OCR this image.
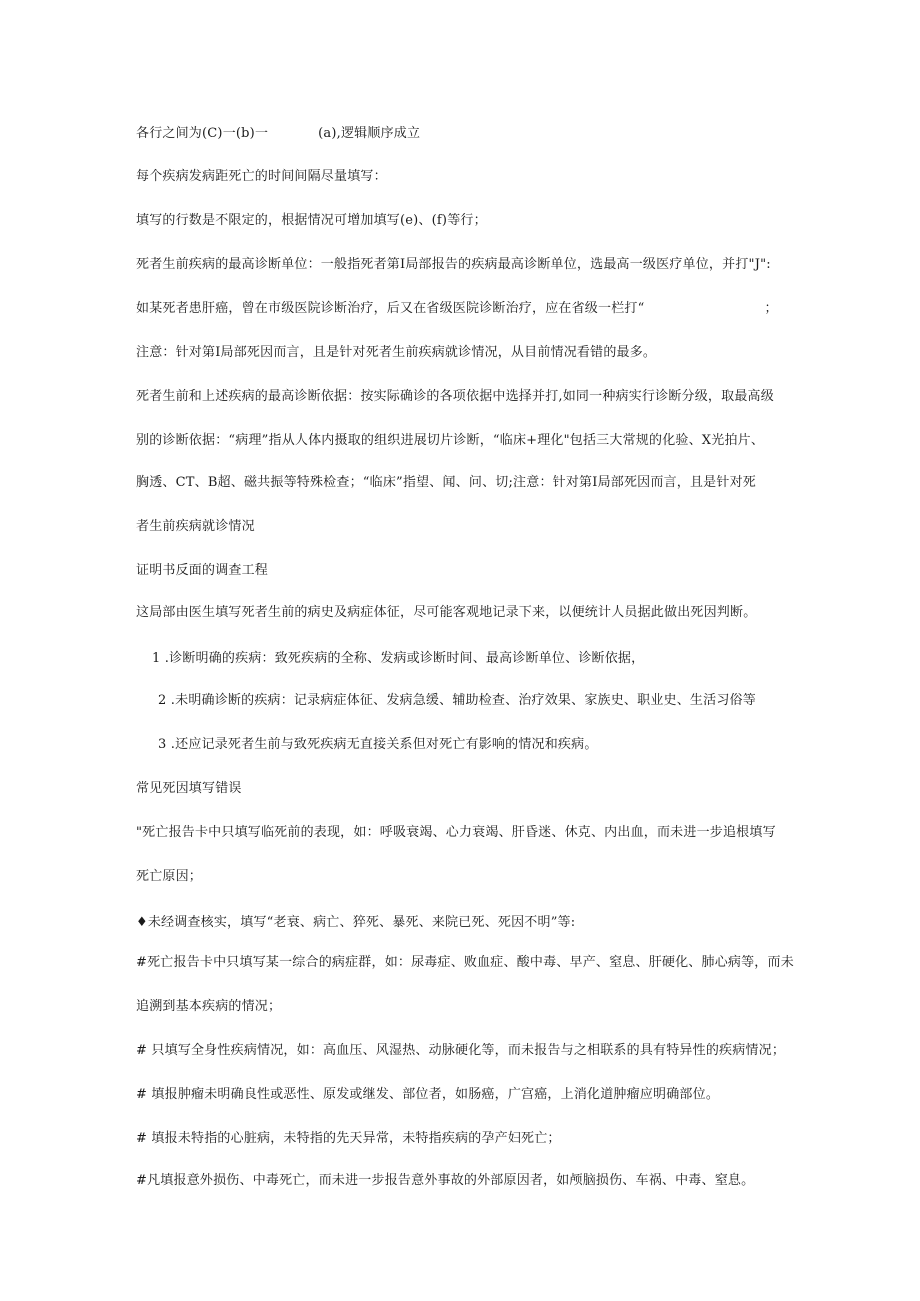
各行之间为(C)一(b)一	(a),逻辑顺序成立
每个疾病发病距死亡的时间间隔尽量填写：
填写的行数是不限定的，根据情况可增加填写(e)、(f)等行；
死者生前疾病的最高诊断单位：一般指死者第Ⅰ局部报告的疾病最高诊断单位，选最高一级医疗单位，并打"J":
如某死者患肝癌，曾在市级医院诊断治疗，后又在省级医院诊断治疗，应在省级一栏打“	；
注意：针对第Ⅰ局部死因而言，且是针对死者生前疾病就诊情况，从目前情况看错的最多。
死者生前和上述疾病的最高诊断依据：按实际确诊的各项依据中选择并打,如同一种病实行诊断分级，取最高级
别的诊断依据：“病理”指从人体内摄取的组织进展切片诊断，“临床+理化"包括三大常规的化验、X光拍片、
胸透、CT、B超、磁共振等特殊检查；“临床”指望、闻、问、切;注意：针对第Ⅰ局部死因而言，且是针对死
者生前疾病就诊情况
证明书反面的调查工程
这局部由医生填写死者生前的病史及病症体征，尽可能客观地记录下来，以便统计人员据此做出死因判断。
1 .诊断明确的疾病：致死疾病的全称、发病或诊断时间、最高诊断单位、诊断依据，
2 .未明确诊断的疾病：记录病症体征、发病急缓、辅助检查、治疗效果、家族史、职业史、生活习俗等
3 .还应记录死者生前与致死疾病无直接关系但对死亡有影响的情况和疾病。
常见死因填写错误
"死亡报告卡中只填写临死前的表现，如：呼吸衰竭、心力衰竭、肝昏迷、休克、内出血，而未进一步追根填写
死亡原因；
♦未经调查核实，填写“老衰、病亡、猝死、暴死、来院已死、死因不明”等:
#死亡报告卡中只填写某一综合的病症群，如：尿毒症、败血症、酸中毒、早产、窒息、肝硬化、肺心病等，而未
追溯到基本疾病的情况；
# 只填写全身性疾病情况，如：高血压、风湿热、动脉硬化等，而未报告与之相联系的具有特异性的疾病情况；
# 填报肿瘤未明确良性或恶性、原发或继发、部位者，如肠癌，广宫癌，上消化道肿瘤应明确部位。
# 填报未特指的心脏病，未特指的先天异常，未特指疾病的孕产妇死亡；
#凡填报意外损伤、中毒死亡，而未进一步报告意外事故的外部原因者，如颅脑损伤、车祸、中毒、窒息。
